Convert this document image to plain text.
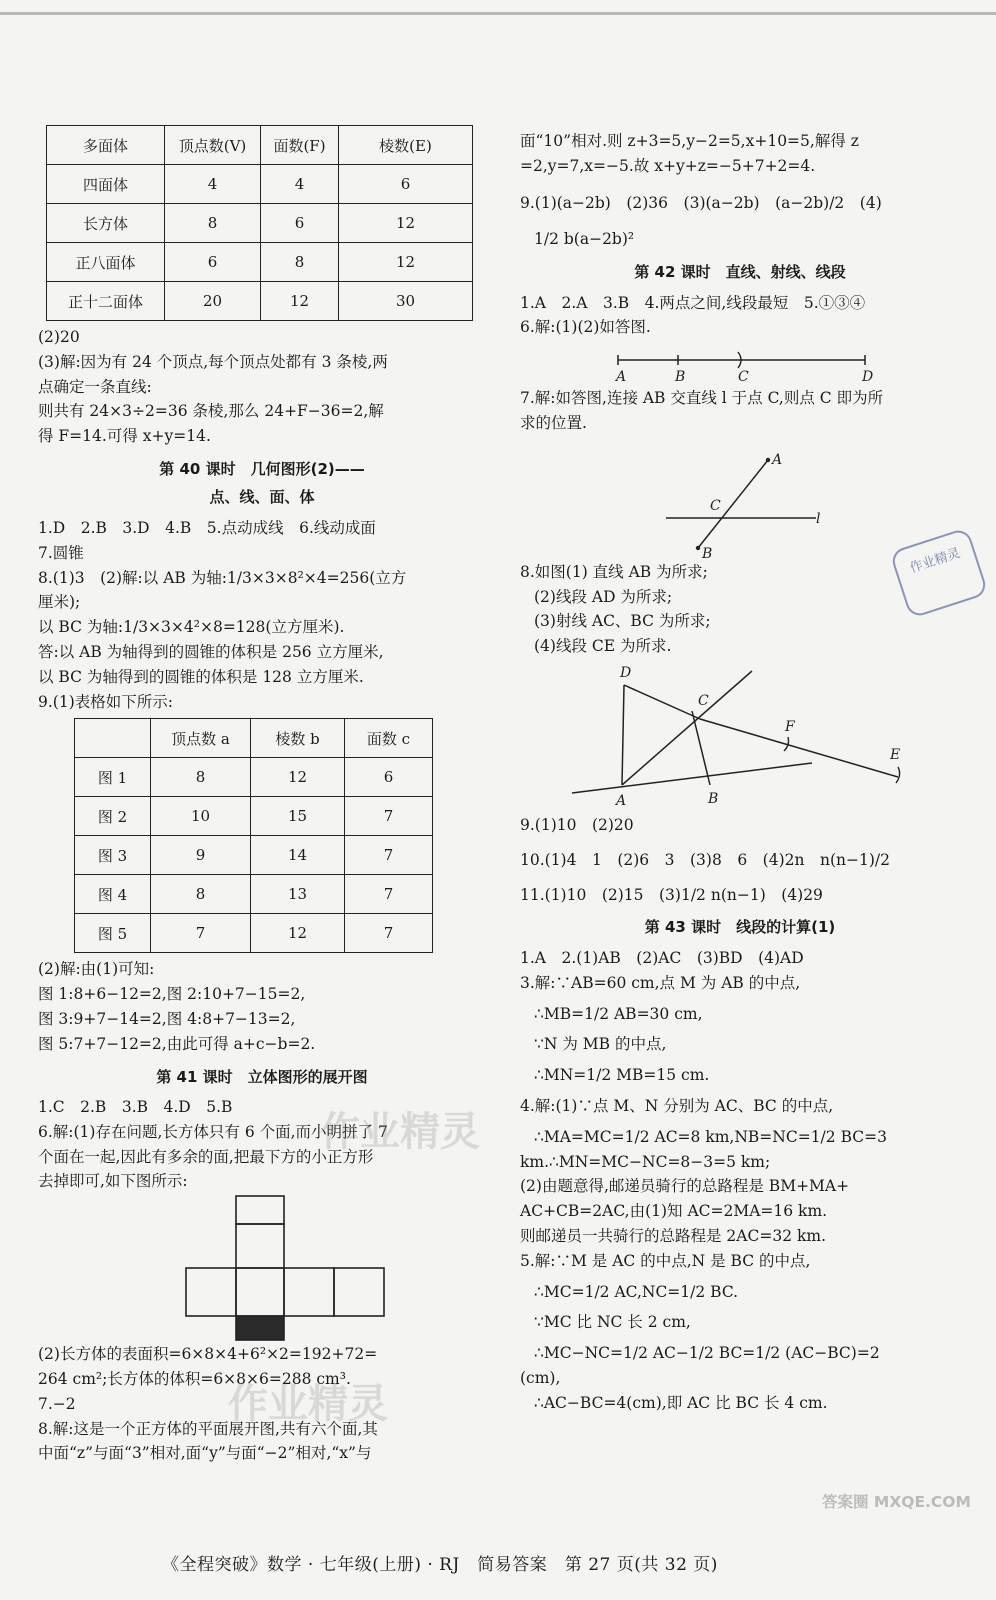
多面体	顶点数(V)	面数(F)	棱数(E)
四面体	4	4	6
长方体	8	6	12
正八面体	6	8	12
正十二面体	20	12	30
(2)20
(3)解:因为有 24 个顶点,每个顶点处都有 3 条棱,两
点确定一条直线:
则共有 24×3÷2=36 条棱,那么 24+F−36=2,解
得 F=14.可得 x+y=14.
第 40 课时　几何图形(2)——
点、线、面、体
1.D　2.B　3.D　4.B　5.点动成线　6.线动成面
7.圆锥
8.(1)3　(2)解:以 AB 为轴:1/3×3×8²×4=256(立方
厘米);
以 BC 为轴:1/3×3×4²×8=128(立方厘米).
答:以 AB 为轴得到的圆锥的体积是 256 立方厘米,
以 BC 为轴得到的圆锥的体积是 128 立方厘米.
9.(1)表格如下所示:
	顶点数 a	棱数 b	面数 c
图 1	8	12	6
图 2	10	15	7
图 3	9	14	7
图 4	8	13	7
图 5	7	12	7
(2)解:由(1)可知:
图 1:8+6−12=2,图 2:10+7−15=2,
图 3:9+7−14=2,图 4:8+7−13=2,
图 5:7+7−12=2,由此可得 a+c−b=2.
第 41 课时　立体图形的展开图
1.C　2.B　3.B　4.D　5.B
6.解:(1)存在问题,长方体只有 6 个面,而小明拼了 7
个面在一起,因此有多余的面,把最下方的小正方形
去掉即可,如下图所示:
(2)长方体的表面积=6×8×4+6²×2=192+72=
264 cm²;长方体的体积=6×8×6=288 cm³.
7.−2
8.解:这是一个正方体的平面展开图,共有六个面,其
中面“z”与面“3”相对,面“y”与面“−2”相对,“x”与
面“10”相对.则 z+3=5,y−2=5,x+10=5,解得 z
=2,y=7,x=−5.故 x+y+z=−5+7+2=4.
9.(1)(a−2b)　(2)36　(3)(a−2b)　(a−2b)/2　(4)
1/2 b(a−2b)²
第 42 课时　直线、射线、线段
1.A　2.A　3.B　4.两点之间,线段最短　5.①③④
6.解:(1)(2)如答图.
A	B	C	D
7.解:如答图,连接 AB 交直线 l 于点 C,则点 C 即为所
求的位置.
A
C
l
B
8.如图(1) 直线 AB 为所求;
(2)线段 AD 为所求;
(3)射线 AC、BC 为所求;
(4)线段 CE 为所求.
D
C
F
E
A	B
9.(1)10　(2)20
10.(1)4　1　(2)6　3　(3)8　6　(4)2n　n(n−1)/2
11.(1)10　(2)15　(3)1/2 n(n−1)　(4)29
第 43 课时　线段的计算(1)
1.A　2.(1)AB　(2)AC　(3)BD　(4)AD
3.解:∵AB=60 cm,点 M 为 AB 的中点,
∴MB=1/2 AB=30 cm,
∵N 为 MB 的中点,
∴MN=1/2 MB=15 cm.
4.解:(1)∵点 M、N 分别为 AC、BC 的中点,
∴MA=MC=1/2 AC=8 km,NB=NC=1/2 BC=3
km.∴MN=MC−NC=8−3=5 km;
(2)由题意得,邮递员骑行的总路程是 BM+MA+
AC+CB=2AC,由(1)知 AC=2MA=16 km.
则邮递员一共骑行的总路程是 2AC=32 km.
5.解:∵M 是 AC 的中点,N 是 BC 的中点,
∴MC=1/2 AC,NC=1/2 BC.
∵MC 比 NC 长 2 cm,
∴MC−NC=1/2 AC−1/2 BC=1/2 (AC−BC)=2
(cm),
∴AC−BC=4(cm),即 AC 比 BC 长 4 cm.
作业精灵
作业精灵
作业精灵
答案圈 MXQE.COM
《全程突破》数学 · 七年级(上册) · RJ　简易答案　第 27 页(共 32 页)
